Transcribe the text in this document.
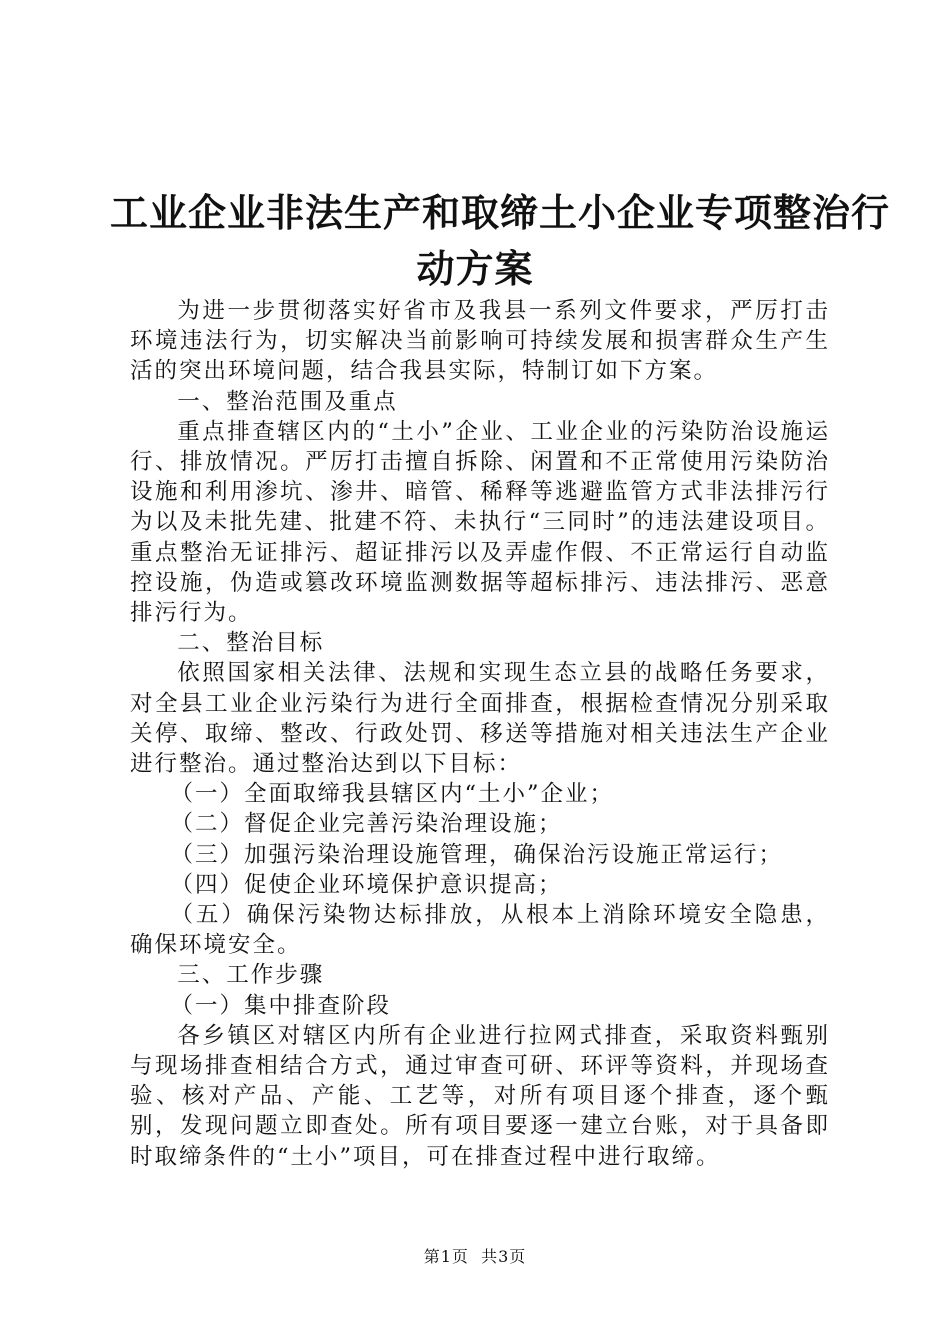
工业企业非法生产和取缔土小企业专项整治行
动方案

为进一步贯彻落实好省市及我县一系列文件要求，严厉打击环境违法行为，切实解决当前影响可持续发展和损害群众生产生活的突出环境问题，结合我县实际，特制订如下方案。

一、整治范围及重点

重点排查辖区内的“土小”企业、工业企业的污染防治设施运行、排放情况。严厉打击擅自拆除、闲置和不正常使用污染防治设施和利用渗坑、渗井、暗管、稀释等逃避监管方式非法排污行为以及未批先建、批建不符、未执行“三同时”的违法建设项目。重点整治无证排污、超证排污以及弄虚作假、不正常运行自动监控设施，伪造或篡改环境监测数据等超标排污、违法排污、恶意排污行为。

二、整治目标

依照国家相关法律、法规和实现生态立县的战略任务要求，对全县工业企业污染行为进行全面排查，根据检查情况分别采取关停、取缔、整改、行政处罚、移送等措施对相关违法生产企业进行整治。通过整治达到以下目标：

（一）全面取缔我县辖区内“土小”企业；

（二）督促企业完善污染治理设施；

（三）加强污染治理设施管理，确保治污设施正常运行；

（四）促使企业环境保护意识提高；

（五）确保污染物达标排放，从根本上消除环境安全隐患，确保环境安全。

三、工作步骤

（一）集中排查阶段

各乡镇区对辖区内所有企业进行拉网式排查，采取资料甄别与现场排查相结合方式，通过审查可研、环评等资料，并现场查验、核对产品、产能、工艺等，对所有项目逐个排查，逐个甄别，发现问题立即查处。所有项目要逐一建立台账，对于具备即时取缔条件的“土小”项目，可在排查过程中进行取缔。

第1页  共3页
